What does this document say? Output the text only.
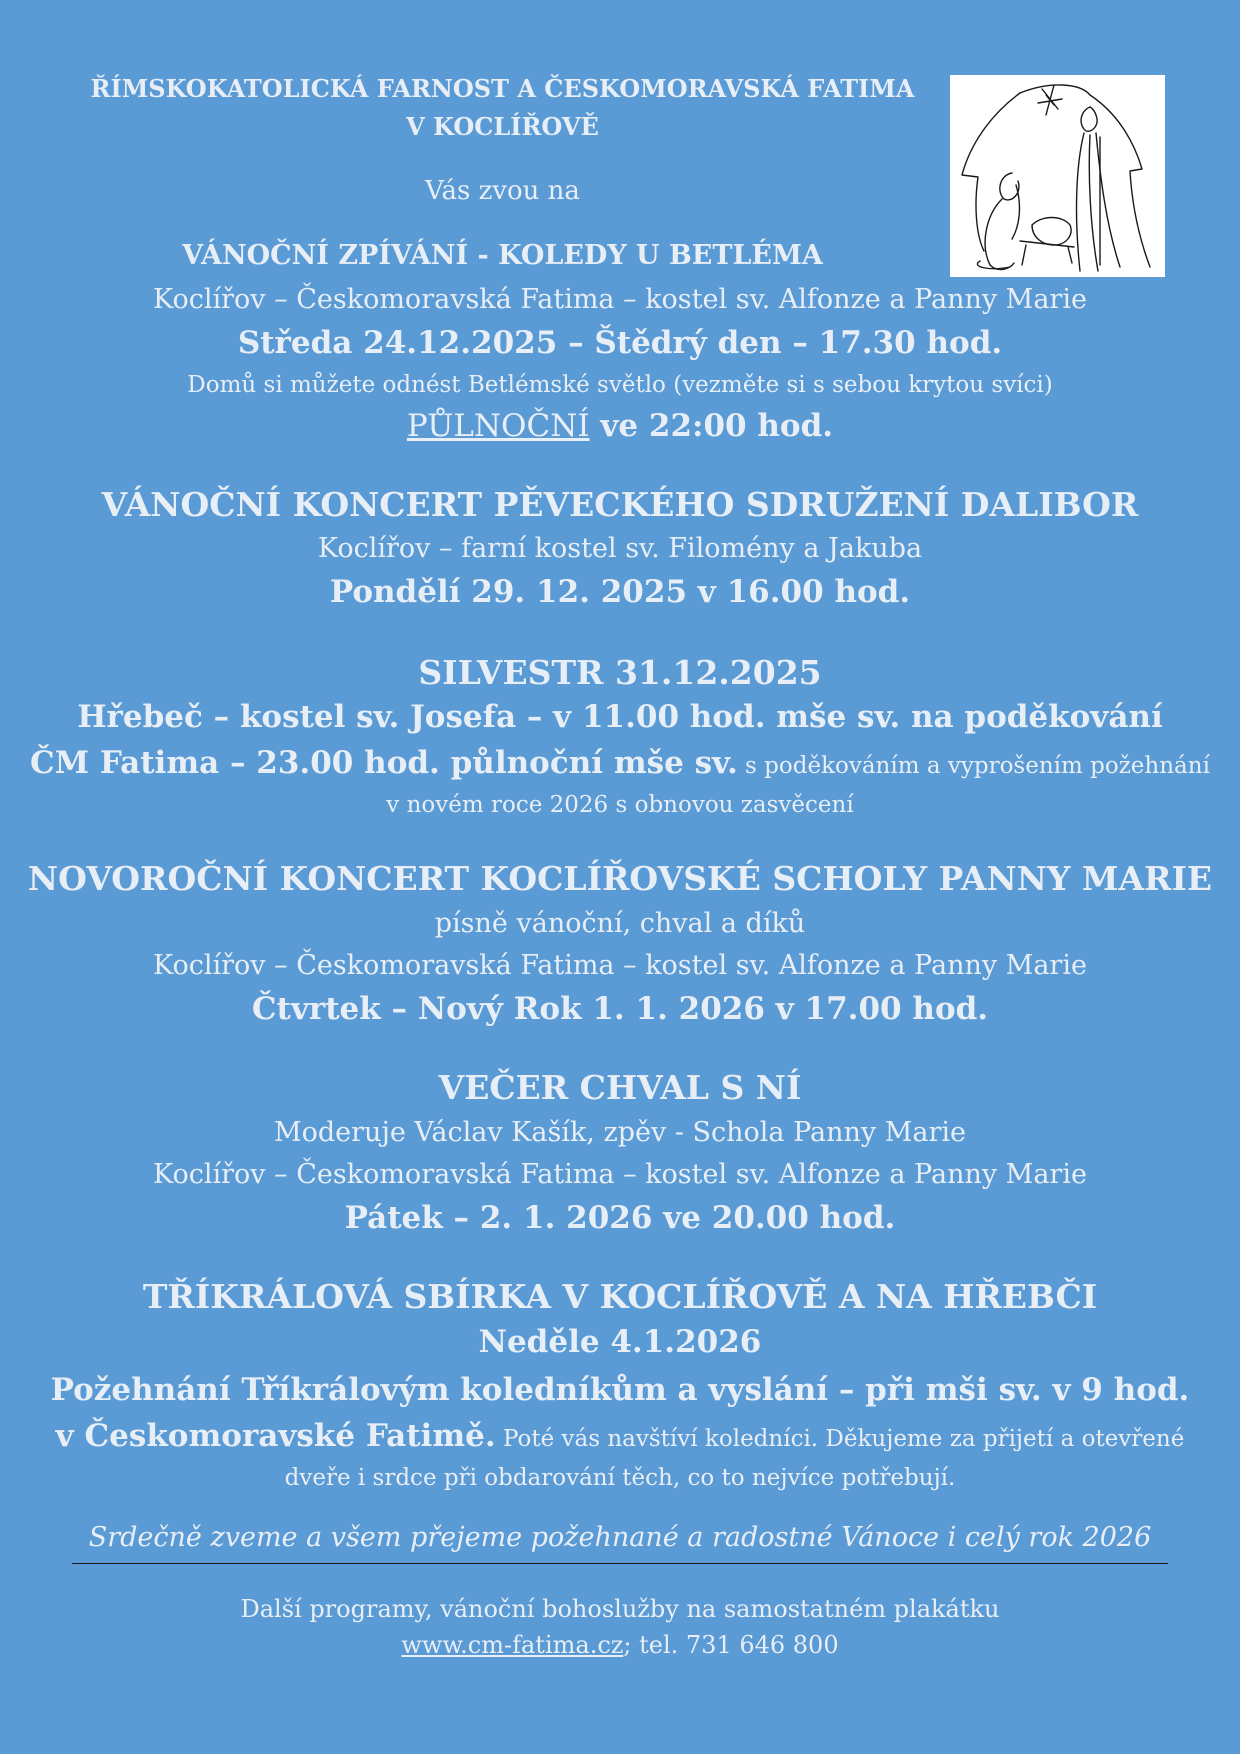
ŘÍMSKOKATOLICKÁ FARNOST A ČESKOMORAVSKÁ FATIMA
V KOCLÍŘOVĚ
Vás zvou na
VÁNOČNÍ ZPÍVÁNÍ - KOLEDY U BETLÉMA
Koclířov – Českomoravská Fatima – kostel sv. Alfonze a Panny Marie
Středa 24.12.2025 – Štědrý den – 17.30 hod.
Domů si můžete odnést Betlémské světlo (vezměte si s sebou krytou svíci)
PŮLNOČNÍ ve 22:00 hod.
VÁNOČNÍ KONCERT PĚVECKÉHO SDRUŽENÍ DALIBOR
Koclířov – farní kostel sv. Filomény a Jakuba
Pondělí 29. 12. 2025 v 16.00 hod.
SILVESTR 31.12.2025
Hřebeč – kostel sv. Josefa – v 11.00 hod. mše sv. na poděkování
ČM Fatima – 23.00 hod. půlnoční mše sv. s poděkováním a vyprošením požehnání
v novém roce 2026 s obnovou zasvěcení
NOVOROČNÍ KONCERT KOCLÍŘOVSKÉ SCHOLY PANNY MARIE
písně vánoční, chval a díků
Koclířov – Českomoravská Fatima – kostel sv. Alfonze a Panny Marie
Čtvrtek – Nový Rok 1. 1. 2026 v 17.00 hod.
VEČER CHVAL S NÍ
Moderuje Václav Kašík, zpěv - Schola Panny Marie
Koclířov – Českomoravská Fatima – kostel sv. Alfonze a Panny Marie
Pátek – 2. 1. 2026 ve 20.00 hod.
TŘÍKRÁLOVÁ SBÍRKA V KOCLÍŘOVĚ A NA HŘEBČI
Neděle 4.1.2026
Požehnání Tříkrálovým koledníkům a vyslání – při mši sv. v 9 hod.
v Českomoravské Fatimě. Poté vás navštíví koledníci. Děkujeme za přijetí a otevřené
dveře i srdce při obdarování těch, co to nejvíce potřebují.
Srdečně zveme a všem přejeme požehnané a radostné Vánoce i celý rok 2026
Další programy, vánoční bohoslužby na samostatném plakátku
www.cm-fatima.cz; tel. 731 646 800
